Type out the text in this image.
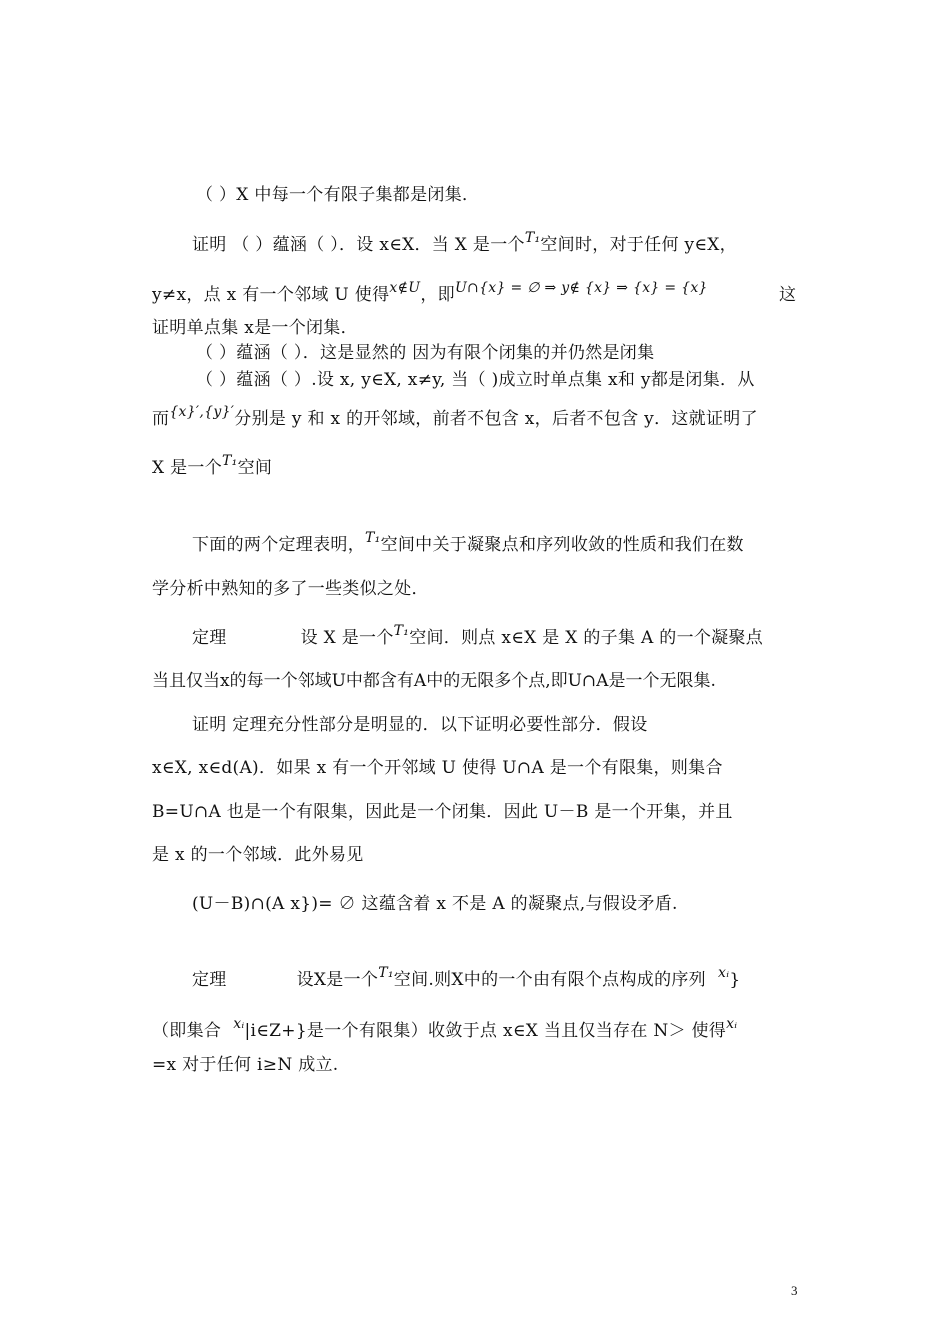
（ ）X 中每一个有限子集都是闭集．
证明 （ ）蕴涵（ ）．设 x∈X．当 X 是一个$^{T_1}$空间时，对于任何 y∈X，
y≠x，点 x 有一个邻域 U 使得$^{x\notin U}$，即$^{U\cap\{x\} = \emptyset \Rightarrow y\notin \{x\} \Rightarrow \{x\} = \{x\}}$	这
证明单点集 x是一个闭集．
（ ）蕴涵（ ）．这是显然的 因为有限个闭集的并仍然是闭集
（ ）蕴涵（ ）.设 x, y∈X, x≠y, 当（ )成立时单点集 x和 y都是闭集．从
而$^{\{x\}',\{y\}'}$分别是 y 和 x 的开邻域，前者不包含 x，后者不包含 y．这就证明了
X 是一个$^{T_1}$空间
下面的两个定理表明，$^{T_1}$空间中关于凝聚点和序列收敛的性质和我们在数
学分析中熟知的多了一些类似之处．
定理	设 X 是一个$^{T_1}$空间．则点 x∈X 是 X 的子集 A 的一个凝聚点
当且仅当x的每一个邻域U中都含有A中的无限多个点,即U∩A是一个无限集.
证明 定理充分性部分是明显的．以下证明必要性部分．假设
x∈X, x∈d(A)．如果 x 有一个开邻域 U 使得 U∩A 是一个有限集，则集合
B=U∩A 也是一个有限集，因此是一个闭集．因此 U－B 是一个开集，并且
是 x 的一个邻域．此外易见
(U－B)∩(A x})= ∅ 这蕴含着 x 不是 A 的凝聚点,与假设矛盾.
定理	设X是一个$^{T_1}$空间.则X中的一个由有限个点构成的序列 $^{xᵢ}$}
（即集合 $^{xᵢ}$|i∈Z+}是一个有限集）收敛于点 x∈X 当且仅当存在 N＞ 使得$^{xᵢ}$
=x 对于任何 i≥N 成立.
3
